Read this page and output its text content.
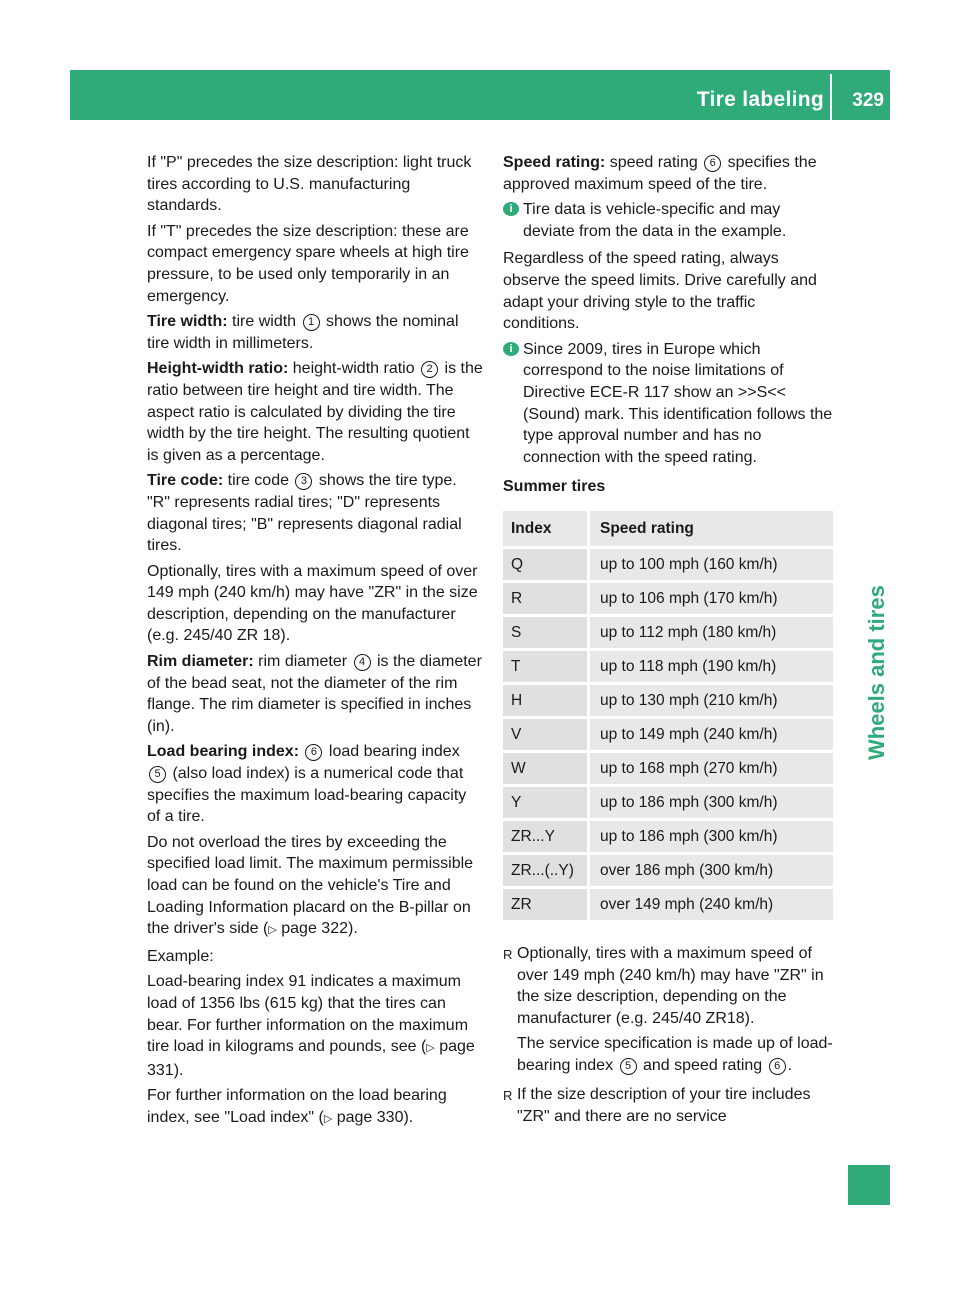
Tire labeling 329
Wheels and tires

If "P" precedes the size description: light truck tires according to U.S. manufacturing standards.

If "T" precedes the size description: these are compact emergency spare wheels at high tire pressure, to be used only temporarily in an emergency.

Tire width: tire width 1 shows the nominal tire width in millimeters.

Height-width ratio: height-width ratio 2 is the ratio between tire height and tire width. The aspect ratio is calculated by dividing the tire width by the tire height. The resulting quotient is given as a percentage.

Tire code: tire code 3 shows the tire type. "R" represents radial tires; "D" represents diagonal tires; "B" represents diagonal radial tires.

Optionally, tires with a maximum speed of over 149 mph (240 km/h) may have "ZR" in the size description, depending on the manufacturer (e.g. 245/40 ZR 18).

Rim diameter: rim diameter 4 is the diameter of the bead seat, not the diameter of the rim flange. The rim diameter is specified in inches (in).

Load bearing index: 6 load bearing index 5 (also load index) is a numerical code that specifies the maximum load-bearing capacity of a tire.

Do not overload the tires by exceeding the specified load limit. The maximum permissible load can be found on the vehicle's Tire and Loading Information placard on the B-pillar on the driver's side (▷ page 322).

Example:

Load-bearing index 91 indicates a maximum load of 1356 lbs (615 kg) that the tires can bear. For further information on the maximum tire load in kilograms and pounds, see (▷ page 331).

For further information on the load bearing index, see "Load index" (▷ page 330).

Speed rating: speed rating 6 specifies the approved maximum speed of the tire.

i Tire data is vehicle-specific and may deviate from the data in the example.

Regardless of the speed rating, always observe the speed limits. Drive carefully and adapt your driving style to the traffic conditions.

i Since 2009, tires in Europe which correspond to the noise limitations of Directive ECE-R 117 show an >>S<< (Sound) mark. This identification follows the type approval number and has no connection with the speed rating.

Summer tires

Index	Speed rating
Q	up to 100 mph (160 km/h)
R	up to 106 mph (170 km/h)
S	up to 112 mph (180 km/h)
T	up to 118 mph (190 km/h)
H	up to 130 mph (210 km/h)
V	up to 149 mph (240 km/h)
W	up to 168 mph (270 km/h)
Y	up to 186 mph (300 km/h)
ZR...Y	up to 186 mph (300 km/h)
ZR...(..Y)	over 186 mph (300 km/h)
ZR	over 149 mph (240 km/h)
R Optionally, tires with a maximum speed of over 149 mph (240 km/h) may have "ZR" in the size description, depending on the manufacturer (e.g. 245/40 ZR18).

The service specification is made up of load-bearing index 5 and speed rating 6 .

R If the size description of your tire includes "ZR" and there are no service
